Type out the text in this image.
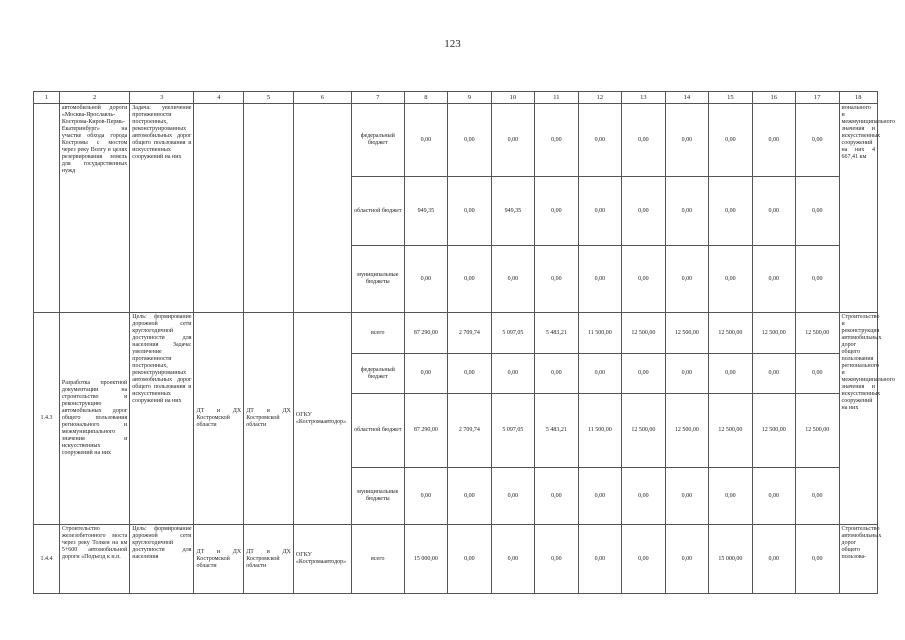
123
1	2	3	4	5	6	7	8	9	10	11	12	13	14	15	16	17	18
	автомобильной дороги «Москва-Ярославль-Кострома-Киров-Пермь-Екатеринбург» на участке обхода города Костромы с мостом через реку Волгу в целях резервирования земель для государственных нужд	Задача: увеличение протяженности построенных, реконструированных автомобильных дорог общего пользования и искусственных сооружений на них				федеральный бюджет	0,00	0,00	0,00	0,00	0,00	0,00	0,00	0,00	0,00	0,00	ионального и межмуниципального значения и искусственных сооружений на них 4 667,41 км
						областной бюджет	949,35	0,00	949,35	0,00	0,00	0,00	0,00	0,00	0,00	0,00	
						муниципальные бюджеты	0,00	0,00	0,00	0,00	0,00	0,00	0,00	0,00	0,00	0,00	
1.4.3	Разработка проектной документации на строительство и реконструкцию автомобильных дорог общего пользования регионального и межмуниципального значения и искусственных сооружений на них	Цель: формирование дорожной сети круглогодичной доступности для населения Задача: увеличение протяженности построенных, реконструированных автомобильных дорог общего пользования и искусственных сооружений на них	ДТ и ДХ Костромской области	ДТ и ДХ Костромской области	ОГКУ «Костромаавтодор»	всего	87 290,00	2 709,74	5 097,05	5 483,21	11 500,00	12 500,00	12 500,00	12 500,00	12 500,00	12 500,00	Строительство и реконструкция автомобильных дорог общего пользования регионального и межмуниципального значения и искусственных сооружений на них
						федеральный бюджет	0,00	0,00	0,00	0,00	0,00	0,00	0,00	0,00	0,00	0,00	
						областной бюджет	87 290,00	2 709,74	5 097,05	5 483,21	11 500,00	12 500,00	12 500,00	12 500,00	12 500,00	12 500,00	
						муниципальные бюджеты	0,00	0,00	0,00	0,00	0,00	0,00	0,00	0,00	0,00	0,00	
1.4.4	Строительство железобетонного моста через реку Толкея на км 5+600 автомобильной дороги «Подъезд к н.п.	Цель: формирование дорожной сети круглогодичной доступности для населения	ДТ и ДХ Костромской области	ДТ и ДХ Костромской области	ОГКУ «Костромаавтодор»	всего	15 000,00	0,00	0,00	0,00	0,00	0,00	0,00	15 000,00	0,00	0,00	Строительство автомобильных дорог общего пользова-
